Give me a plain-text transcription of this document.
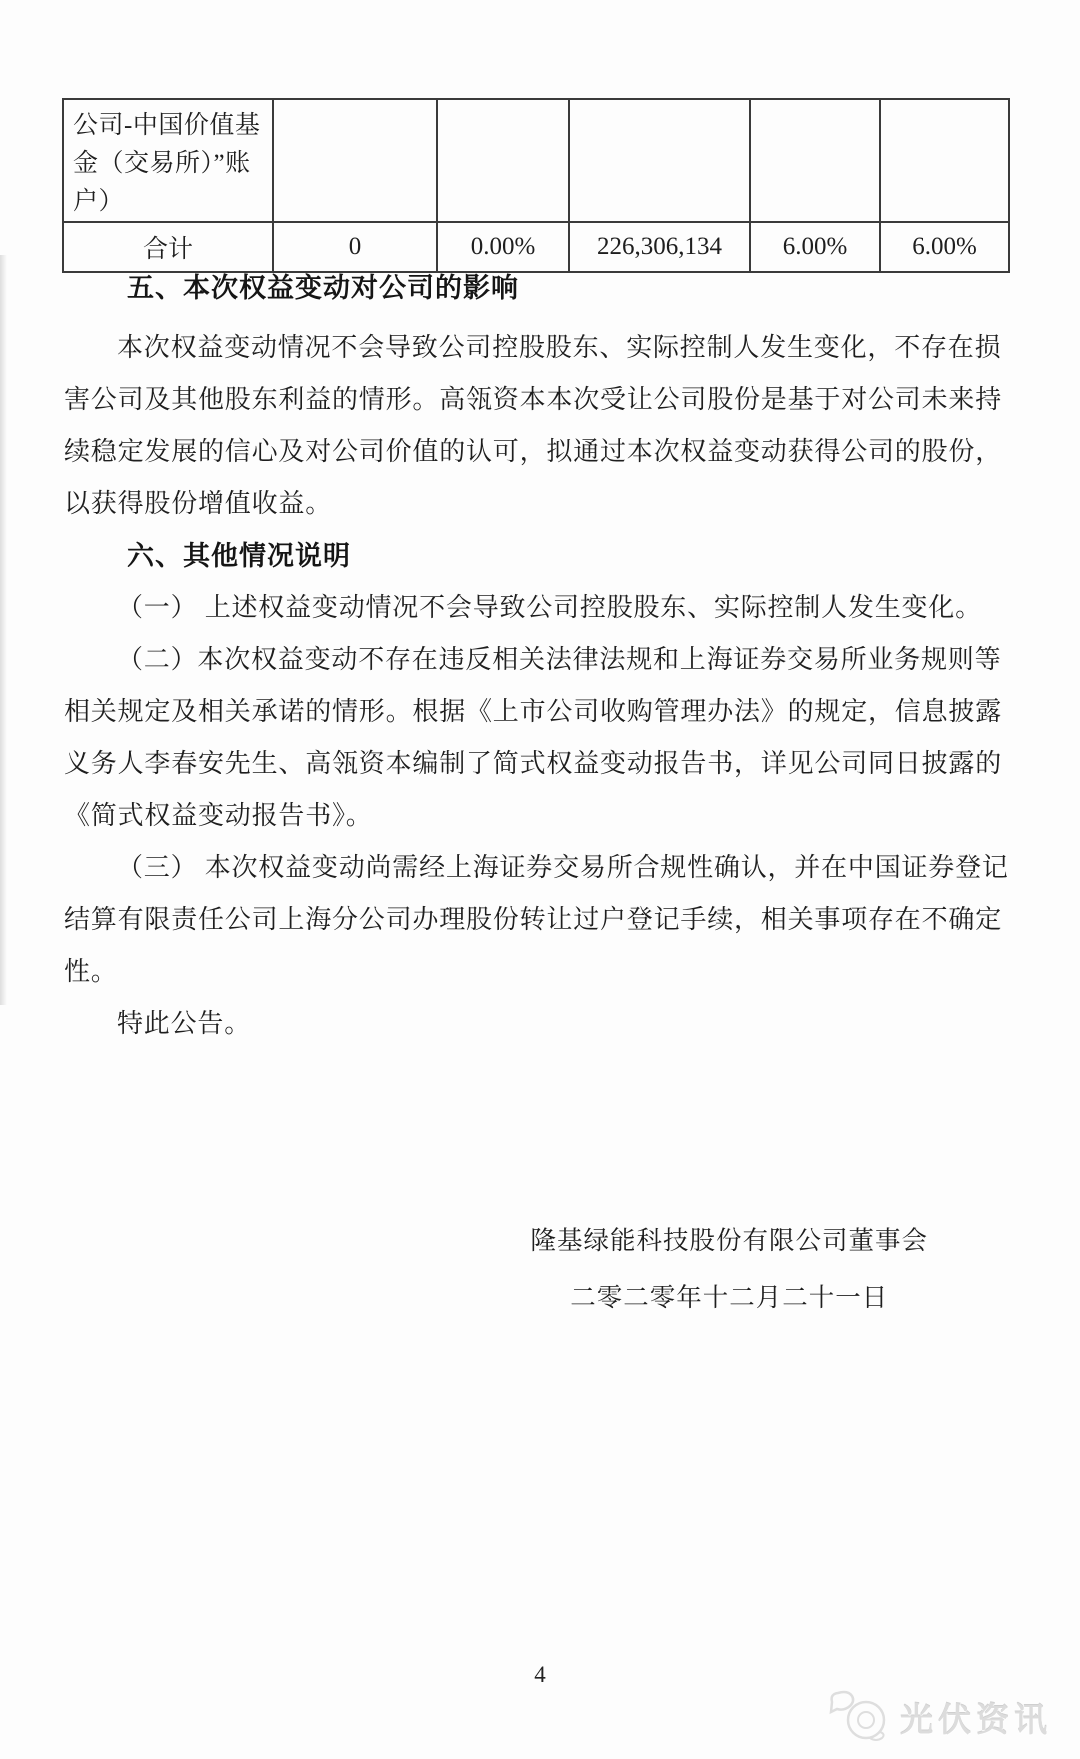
公司-中国价值基金（交易所）”账户）					
合计	0	0.00%	226,306,134	6.00%	6.00%
五、本次权益变动对公司的影响
本次权益变动情况不会导致公司控股股东、实际控制人发生变化，不存在损
害公司及其他股东利益的情形。高瓴资本本次受让公司股份是基于对公司未来持
续稳定发展的信心及对公司价值的认可，拟通过本次权益变动获得公司的股份，
以获得股份增值收益。
六、其他情况说明
（一） 上述权益变动情况不会导致公司控股股东、实际控制人发生变化。
（二）本次权益变动不存在违反相关法律法规和上海证券交易所业务规则等
相关规定及相关承诺的情形。根据《上市公司收购管理办法》的规定，信息披露
义务人李春安先生、高瓴资本编制了简式权益变动报告书，详见公司同日披露的
《简式权益变动报告书》。
（三） 本次权益变动尚需经上海证券交易所合规性确认，并在中国证券登记
结算有限责任公司上海分公司办理股份转让过户登记手续，相关事项存在不确定
性。
特此公告。
隆基绿能科技股份有限公司董事会
二零二零年十二月二十一日
4
光伏资讯
